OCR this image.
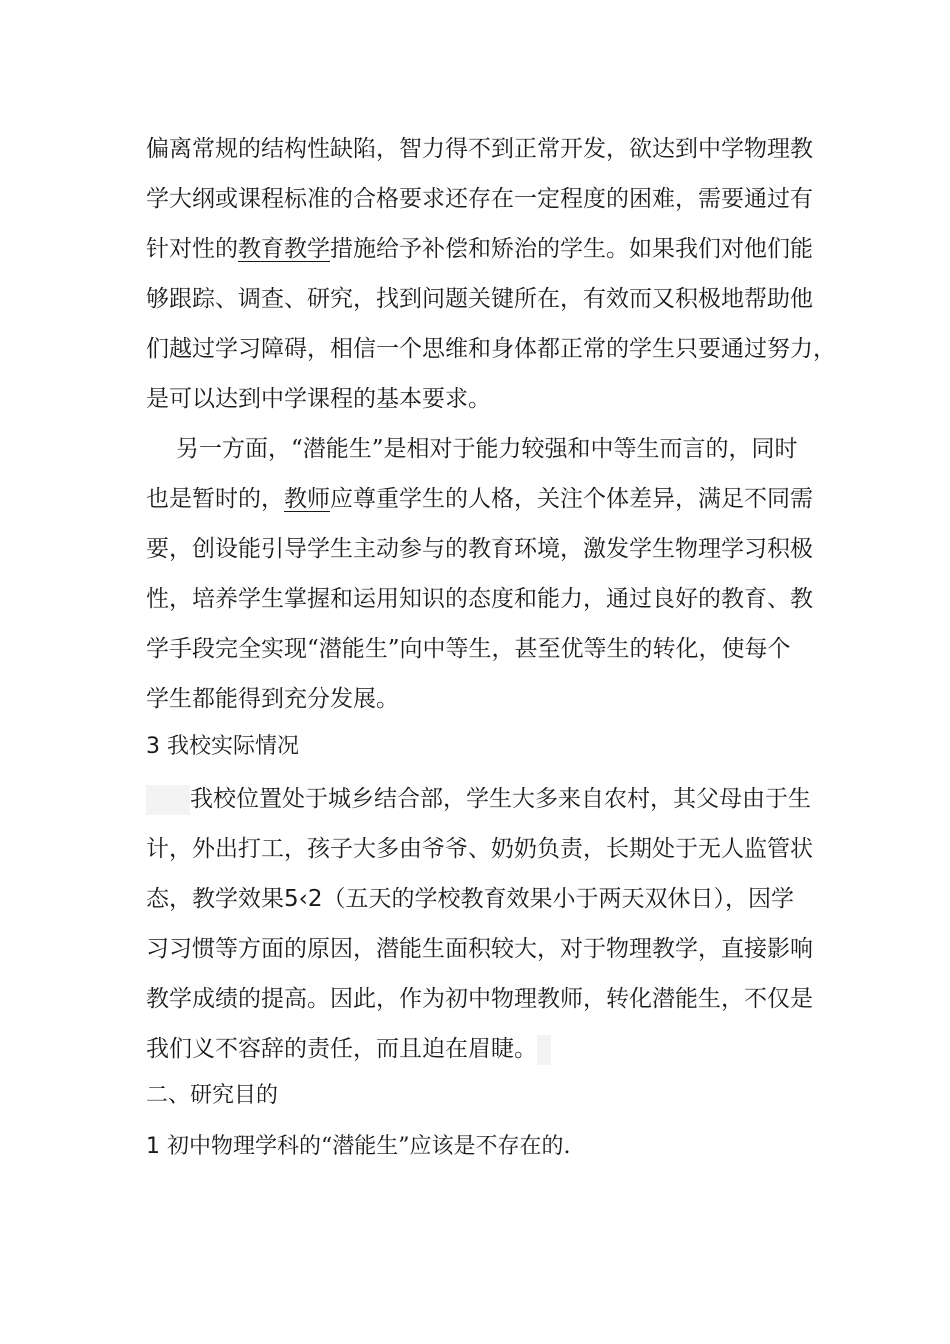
偏离常规的结构性缺陷，智力得不到正常开发，欲达到中学物理教
学大纲或课程标准的合格要求还存在一定程度的困难，需要通过有
针对性的教育教学措施给予补偿和矫治的学生。如果我们对他们能
够跟踪、调查、研究，找到问题关键所在，有效而又积极地帮助他
们越过学习障碍，相信一个思维和身体都正常的学生只要通过努力，
是可以达到中学课程的基本要求。
另一方面，“潜能生”是相对于能力较强和中等生而言的，同时
也是暂时的，教师应尊重学生的人格，关注个体差异，满足不同需
要，创设能引导学生主动参与的教育环境，激发学生物理学习积极
性，培养学生掌握和运用知识的态度和能力，通过良好的教育、教
学手段完全实现“潜能生”向中等生，甚至优等生的转化，使每个
学生都能得到充分发展。
3 我校实际情况
我校位置处于城乡结合部，学生大多来自农村，其父母由于生
计，外出打工，孩子大多由爷爷、奶奶负责，长期处于无人监管状
态，教学效果5‹2（五天的学校教育效果小于两天双休日），因学
习习惯等方面的原因，潜能生面积较大，对于物理教学，直接影响
教学成绩的提高。因此，作为初中物理教师，转化潜能生，不仅是
我们义不容辞的责任，而且迫在眉睫。
二、研究目的
1 初中物理学科的“潜能生”应该是不存在的.
